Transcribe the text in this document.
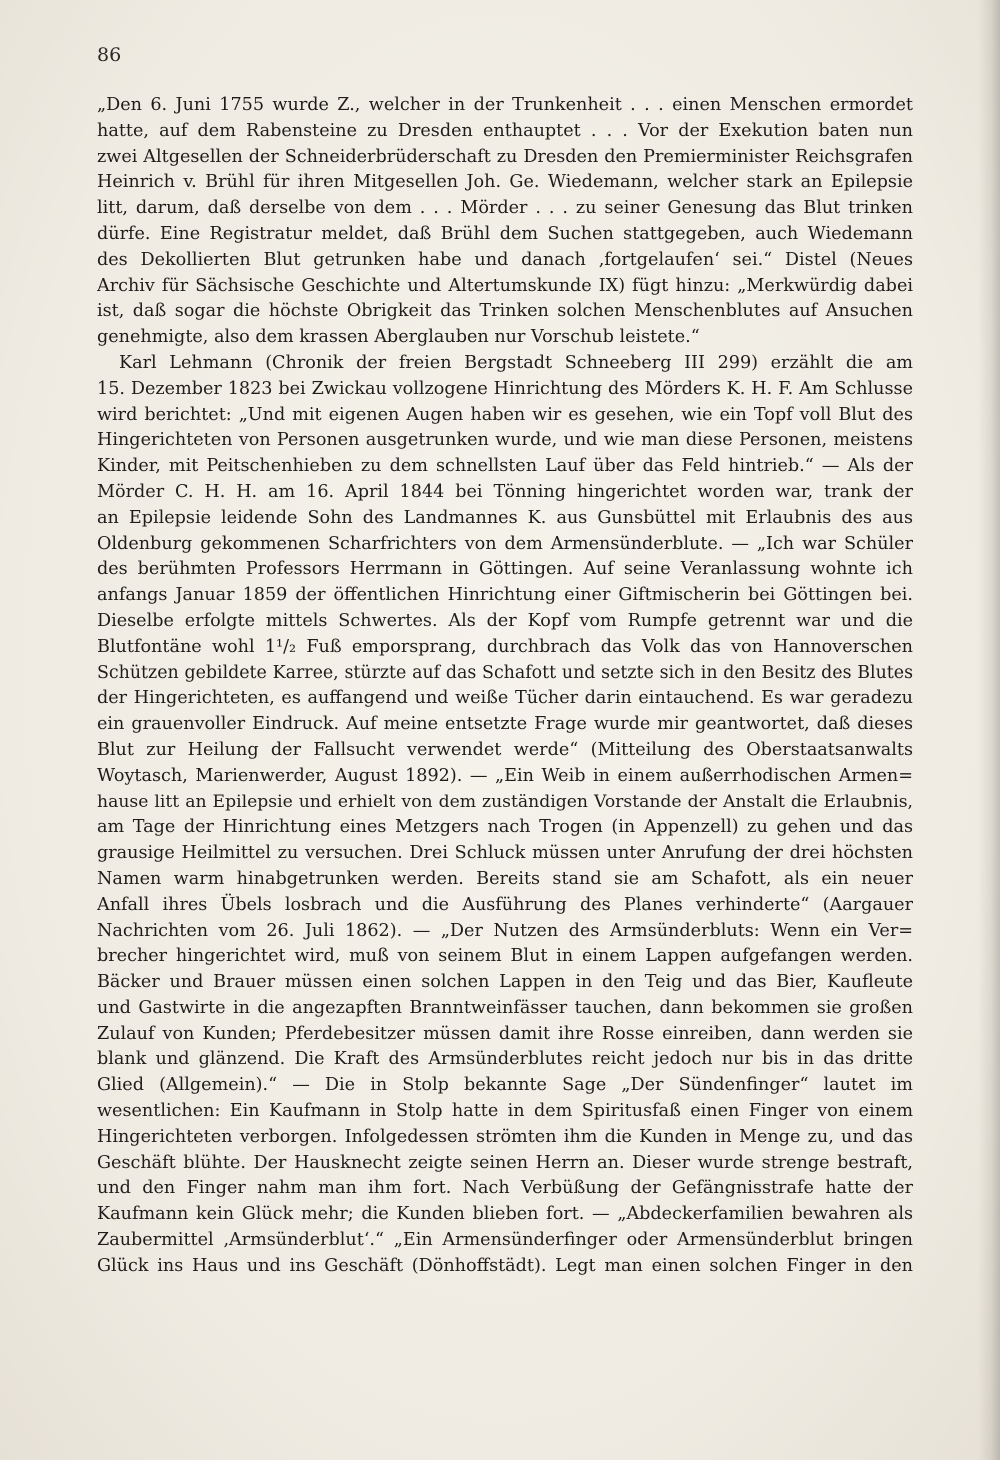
86
„Den 6. Juni 1755 wurde Z., welcher in der Trunkenheit . . . einen Menschen ermordet
hatte, auf dem Rabensteine zu Dresden enthauptet . . . Vor der Exekution baten nun
zwei Altgesellen der Schneiderbrüderschaft zu Dresden den Premierminister Reichsgrafen
Heinrich v. Brühl für ihren Mitgesellen Joh. Ge. Wiedemann, welcher stark an Epilepsie
litt, darum, daß derselbe von dem . . . Mörder . . . zu seiner Genesung das Blut trinken
dürfe. Eine Registratur meldet, daß Brühl dem Suchen stattgegeben, auch Wiedemann
des Dekollierten Blut getrunken habe und danach ‚fortgelaufen‘ sei.“ Distel (Neues
Archiv für Sächsische Geschichte und Altertumskunde IX) fügt hinzu: „Merkwürdig dabei
ist, daß sogar die höchste Obrigkeit das Trinken solchen Menschenblutes auf Ansuchen
genehmigte, also dem krassen Aberglauben nur Vorschub leistete.“
Karl Lehmann (Chronik der freien Bergstadt Schneeberg III 299) erzählt die am
15. Dezember 1823 bei Zwickau vollzogene Hinrichtung des Mörders K. H. F. Am Schlusse
wird berichtet: „Und mit eigenen Augen haben wir es gesehen, wie ein Topf voll Blut des
Hingerichteten von Personen ausgetrunken wurde, und wie man diese Personen, meistens
Kinder, mit Peitschenhieben zu dem schnellsten Lauf über das Feld hintrieb.“ — Als der
Mörder C. H. H. am 16. April 1844 bei Tönning hingerichtet worden war, trank der
an Epilepsie leidende Sohn des Landmannes K. aus Gunsbüttel mit Erlaubnis des aus
Oldenburg gekommenen Scharfrichters von dem Armensünderblute. — „Ich war Schüler
des berühmten Professors Herrmann in Göttingen. Auf seine Veranlassung wohnte ich
anfangs Januar 1859 der öffentlichen Hinrichtung einer Giftmischerin bei Göttingen bei.
Dieselbe erfolgte mittels Schwertes. Als der Kopf vom Rumpfe getrennt war und die
Blutfontäne wohl 1¹/₂ Fuß emporsprang, durchbrach das Volk das von Hannoverschen
Schützen gebildete Karree, stürzte auf das Schafott und setzte sich in den Besitz des Blutes
der Hingerichteten, es auffangend und weiße Tücher darin eintauchend. Es war geradezu
ein grauenvoller Eindruck. Auf meine entsetzte Frage wurde mir geantwortet, daß dieses
Blut zur Heilung der Fallsucht verwendet werde“ (Mitteilung des Oberstaatsanwalts
Woytasch, Marienwerder, August 1892). — „Ein Weib in einem außerrhodischen Armen=
hause litt an Epilepsie und erhielt von dem zuständigen Vorstande der Anstalt die Erlaubnis,
am Tage der Hinrichtung eines Metzgers nach Trogen (in Appenzell) zu gehen und das
grausige Heilmittel zu versuchen. Drei Schluck müssen unter Anrufung der drei höchsten
Namen warm hinabgetrunken werden. Bereits stand sie am Schafott, als ein neuer
Anfall ihres Übels losbrach und die Ausführung des Planes verhinderte“ (Aargauer
Nachrichten vom 26. Juli 1862). — „Der Nutzen des Armsünderbluts: Wenn ein Ver=
brecher hingerichtet wird, muß von seinem Blut in einem Lappen aufgefangen werden.
Bäcker und Brauer müssen einen solchen Lappen in den Teig und das Bier, Kaufleute
und Gastwirte in die angezapften Branntweinfässer tauchen, dann bekommen sie großen
Zulauf von Kunden; Pferdebesitzer müssen damit ihre Rosse einreiben, dann werden sie
blank und glänzend. Die Kraft des Armsünderblutes reicht jedoch nur bis in das dritte
Glied (Allgemein).“ — Die in Stolp bekannte Sage „Der Sündenfinger“ lautet im
wesentlichen: Ein Kaufmann in Stolp hatte in dem Spiritusfaß einen Finger von einem
Hingerichteten verborgen. Infolgedessen strömten ihm die Kunden in Menge zu, und das
Geschäft blühte. Der Hausknecht zeigte seinen Herrn an. Dieser wurde strenge bestraft,
und den Finger nahm man ihm fort. Nach Verbüßung der Gefängnisstrafe hatte der
Kaufmann kein Glück mehr; die Kunden blieben fort. — „Abdeckerfamilien bewahren als
Zaubermittel ‚Armsünderblut‘.“ „Ein Armensünderfinger oder Armensünderblut bringen
Glück ins Haus und ins Geschäft (Dönhoffstädt). Legt man einen solchen Finger in den
